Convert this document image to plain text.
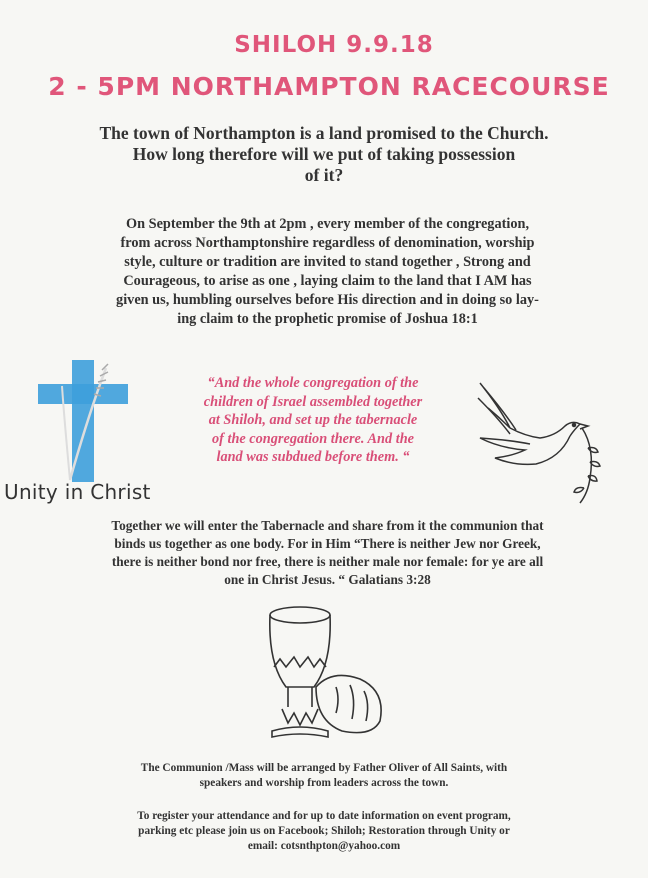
SHILOH 9.9.18
2 - 5PM NORTHAMPTON RACECOURSE
The town of Northampton is a land promised to the Church.
How long therefore will we put of taking possession
of it?
On September the 9th at 2pm , every member of the congregation,
from across Northamptonshire regardless of denomination, worship
style, culture or tradition are invited to stand together , Strong and
Courageous, to arise as one , laying claim to the land that I AM has
given us, humbling ourselves before His direction and in doing so lay-
ing claim to the prophetic promise of Joshua 18:1
Unity in Christ
“And the whole congregation of the
children of Israel assembled together
at Shiloh, and set up the tabernacle
of the congregation there. And the
land was subdued before them. “
Together we will enter the Tabernacle and share from it the communion that
binds us together as one body. For in Him “There is neither Jew nor Greek,
there is neither bond nor free, there is neither male nor female: for ye are all
one in Christ Jesus. “ Galatians 3:28
The Communion /Mass will be arranged by Father Oliver of All Saints, with
speakers and worship from leaders across the town.
To register your attendance and for up to date information on event program,
parking etc please join us on Facebook; Shiloh; Restoration through Unity or
email: cotsnthpton@yahoo.com
